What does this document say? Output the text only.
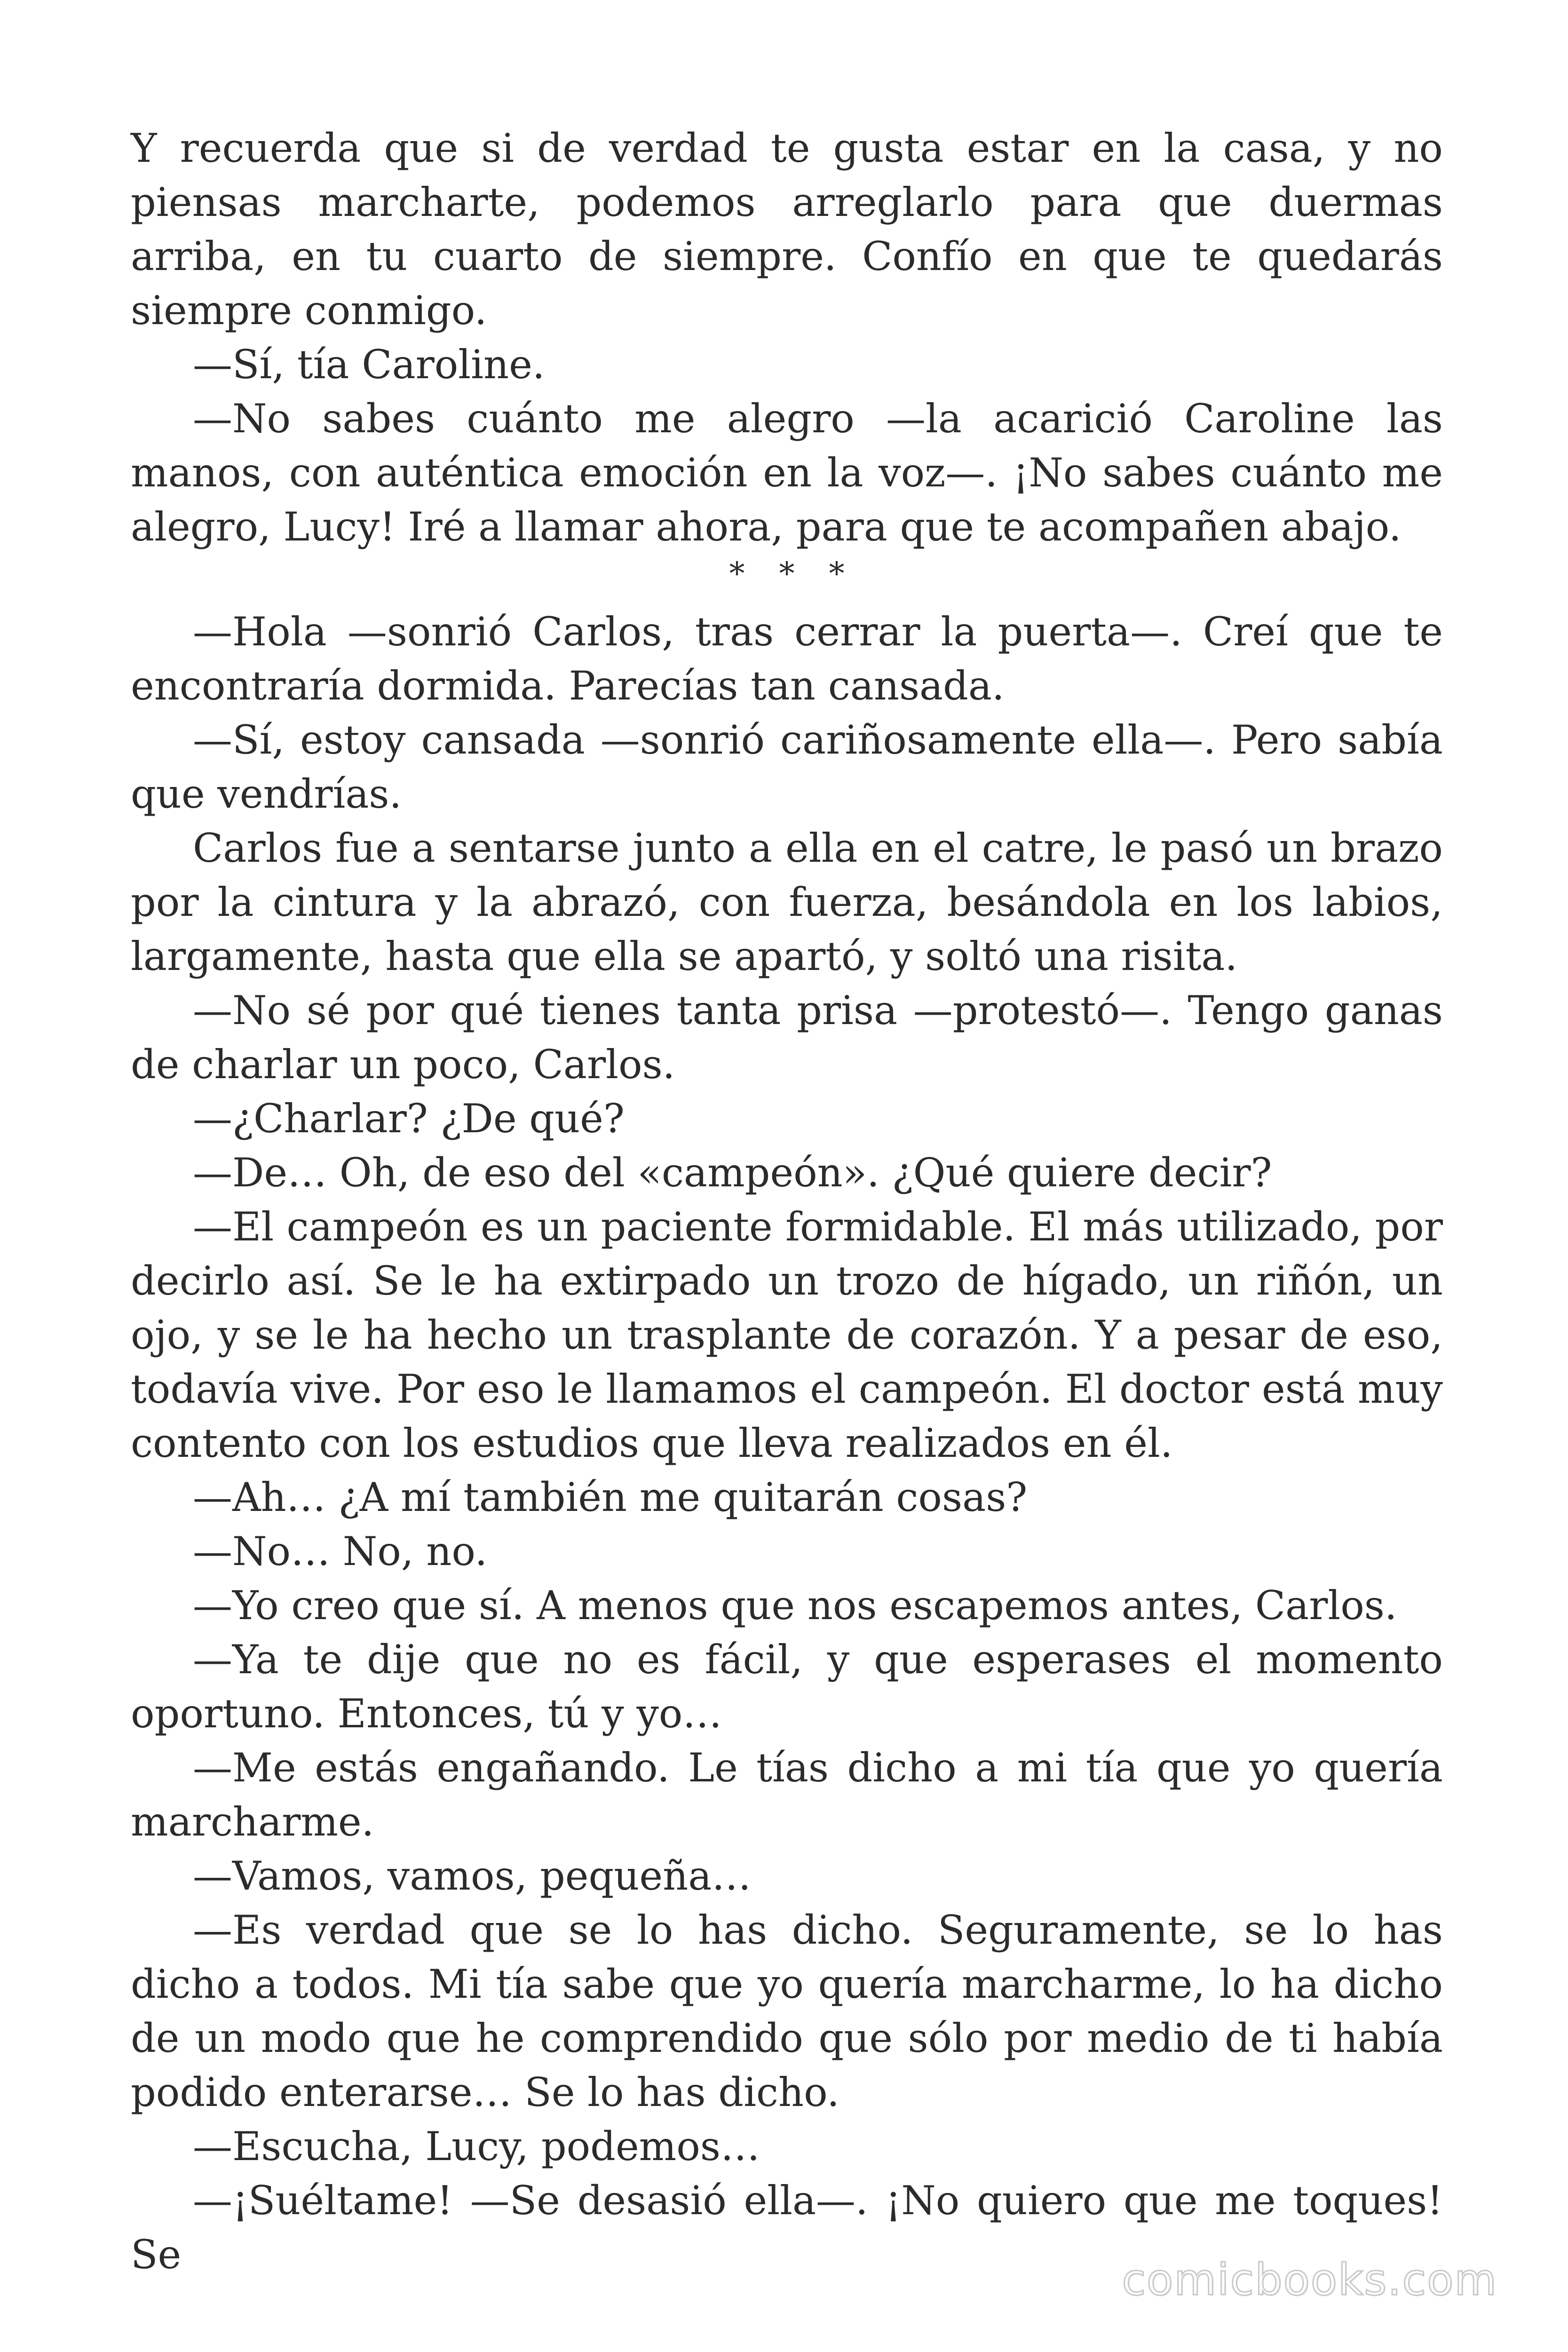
Y recuerda que si de verdad te gusta estar en la casa, y no piensas marcharte, podemos arreglarlo para que duermas arriba, en tu cuarto de siempre. Confío en que te quedarás siempre conmigo.

—Sí, tía Caroline.

—No sabes cuánto me alegro —la acarició Caroline las manos, con auténtica emoción en la voz—. ¡No sabes cuánto me alegro, Lucy! Iré a llamar ahora, para que te acompañen abajo.

* * *

—Hola —sonrió Carlos, tras cerrar la puerta—. Creí que te encontraría dormida. Parecías tan cansada.

—Sí, estoy cansada —sonrió cariñosamente ella—. Pero sabía que vendrías.

Carlos fue a sentarse junto a ella en el catre, le pasó un brazo por la cintura y la abrazó, con fuerza, besándola en los labios, largamente, hasta que ella se apartó, y soltó una risita.

—No sé por qué tienes tanta prisa —protestó—. Tengo ganas de charlar un poco, Carlos.

—¿Charlar? ¿De qué?

—De… Oh, de eso del «campeón». ¿Qué quiere decir?

—El campeón es un paciente formidable. El más utilizado, por decirlo así. Se le ha extirpado un trozo de hígado, un riñón, un ojo, y se le ha hecho un trasplante de corazón. Y a pesar de eso, todavía vive. Por eso le llamamos el campeón. El doctor está muy contento con los estudios que lleva realizados en él.

—Ah… ¿A mí también me quitarán cosas?

—No… No, no.

—Yo creo que sí. A menos que nos escapemos antes, Carlos.

—Ya te dije que no es fácil, y que esperases el momento oportuno. Entonces, tú y yo…

—Me estás engañando. Le tías dicho a mi tía que yo quería marcharme.

—Vamos, vamos, pequeña…

—Es verdad que se lo has dicho. Seguramente, se lo has dicho a todos. Mi tía sabe que yo quería marcharme, lo ha dicho de un modo que he comprendido que sólo por medio de ti había podido enterarse… Se lo has dicho.

—Escucha, Lucy, podemos…

—¡Suéltame! —Se desasió ella—. ¡No quiero que me toques! Se	comicbooks.com
